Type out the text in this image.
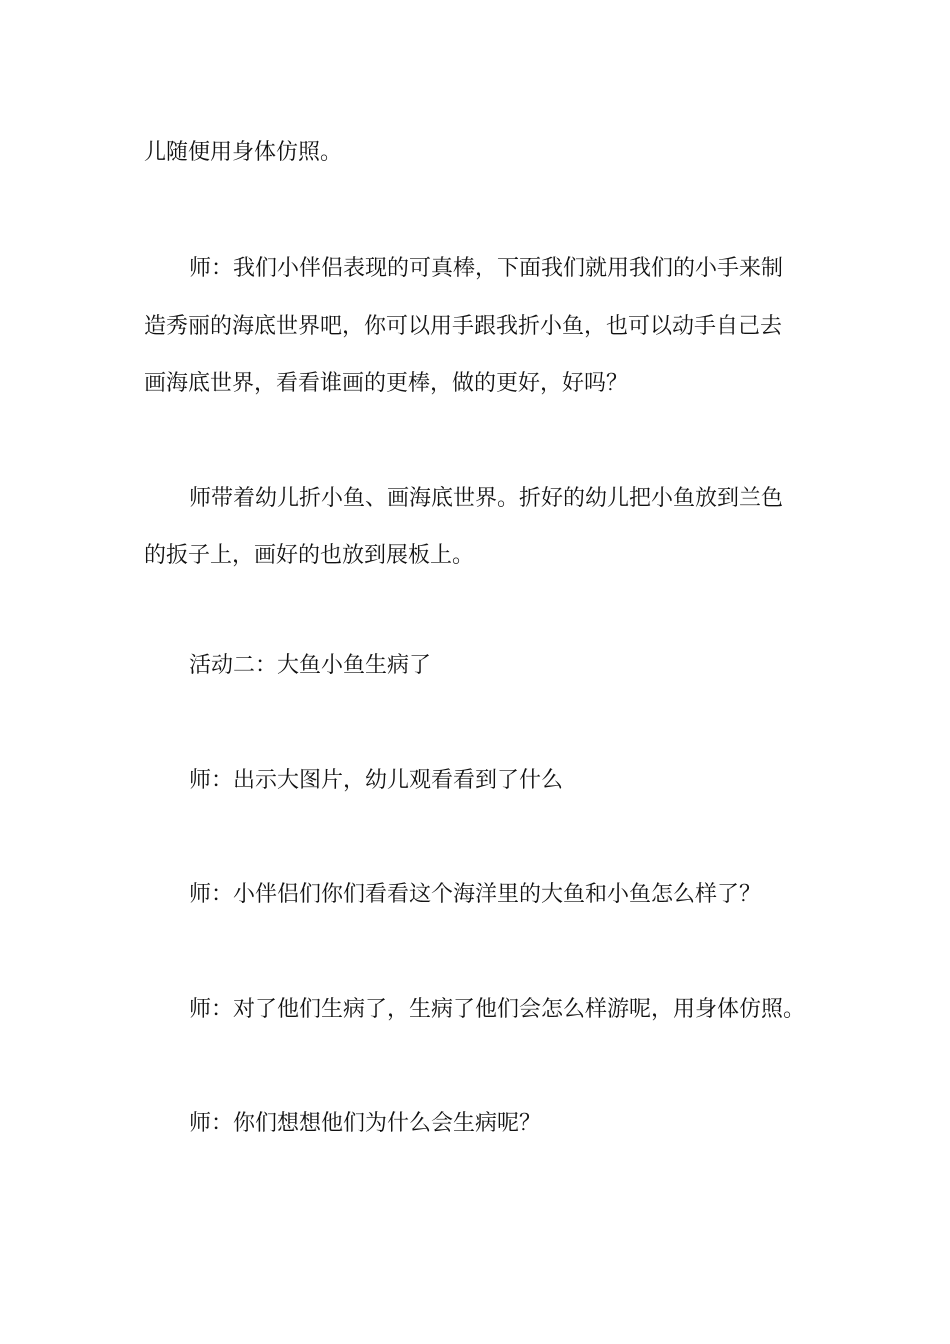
儿随便用身体仿照。
师：我们小伴侣表现的可真棒，下面我们就用我们的小手来制
造秀丽的海底世界吧，你可以用手跟我折小鱼，也可以动手自己去
画海底世界，看看谁画的更棒，做的更好，好吗？
师带着幼儿折小鱼、画海底世界。折好的幼儿把小鱼放到兰色
的扳子上，画好的也放到展板上。
活动二：大鱼小鱼生病了
师：出示大图片，幼儿观看看到了什么
师：小伴侣们你们看看这个海洋里的大鱼和小鱼怎么样了？
师：对了他们生病了，生病了他们会怎么样游呢，用身体仿照。
师：你们想想他们为什么会生病呢？
